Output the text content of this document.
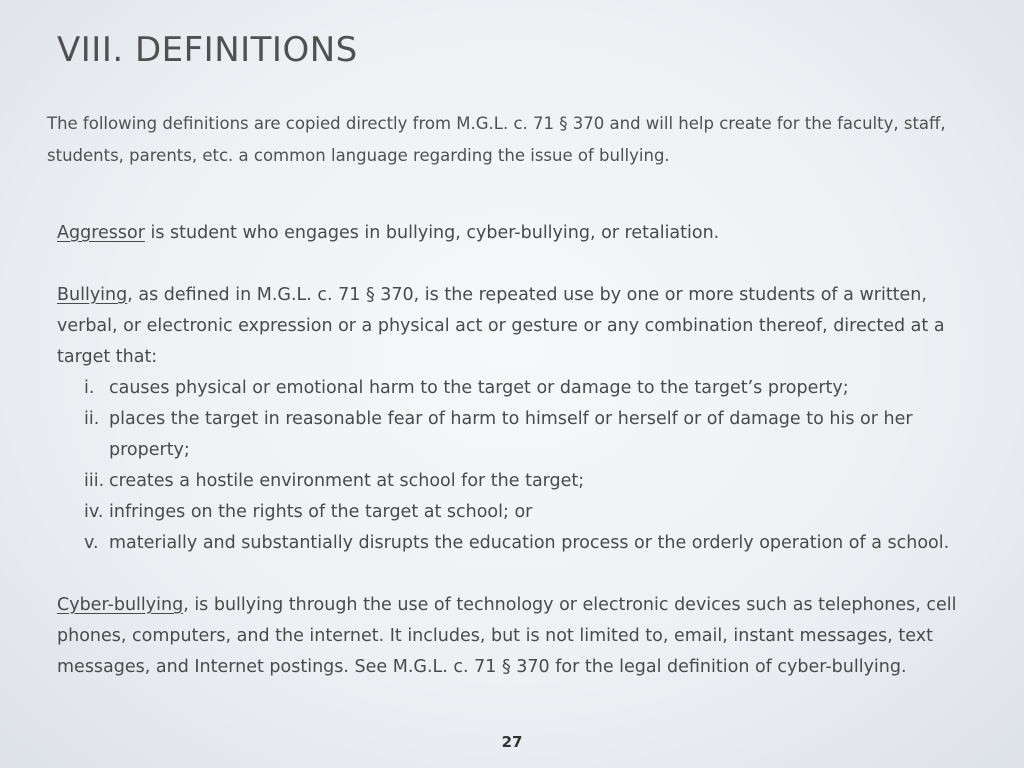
VIII. DEFINITIONS

The following definitions are copied directly from M.G.L. c. 71 § 370 and will help create for the faculty, staff, students, parents, etc. a common language regarding the issue of bullying.

Aggressor is student who engages in bullying, cyber-bullying, or retaliation.

Bullying, as defined in M.G.L. c. 71 § 370, is the repeated use by one or more students of a written, verbal, or electronic expression or a physical act or gesture or any combination thereof, directed at a target that:

i. causes physical or emotional harm to the target or damage to the target’s property;
ii. places the target in reasonable fear of harm to himself or herself or of damage to his or her property;
iii. creates a hostile environment at school for the target;
iv. infringes on the rights of the target at school; or
v. materially and substantially disrupts the education process or the orderly operation of a school.

Cyber-bullying, is bullying through the use of technology or electronic devices such as telephones, cell phones, computers, and the internet. It includes, but is not limited to, email, instant messages, text messages, and Internet postings. See M.G.L. c. 71 § 370 for the legal definition of cyber-bullying.

27
